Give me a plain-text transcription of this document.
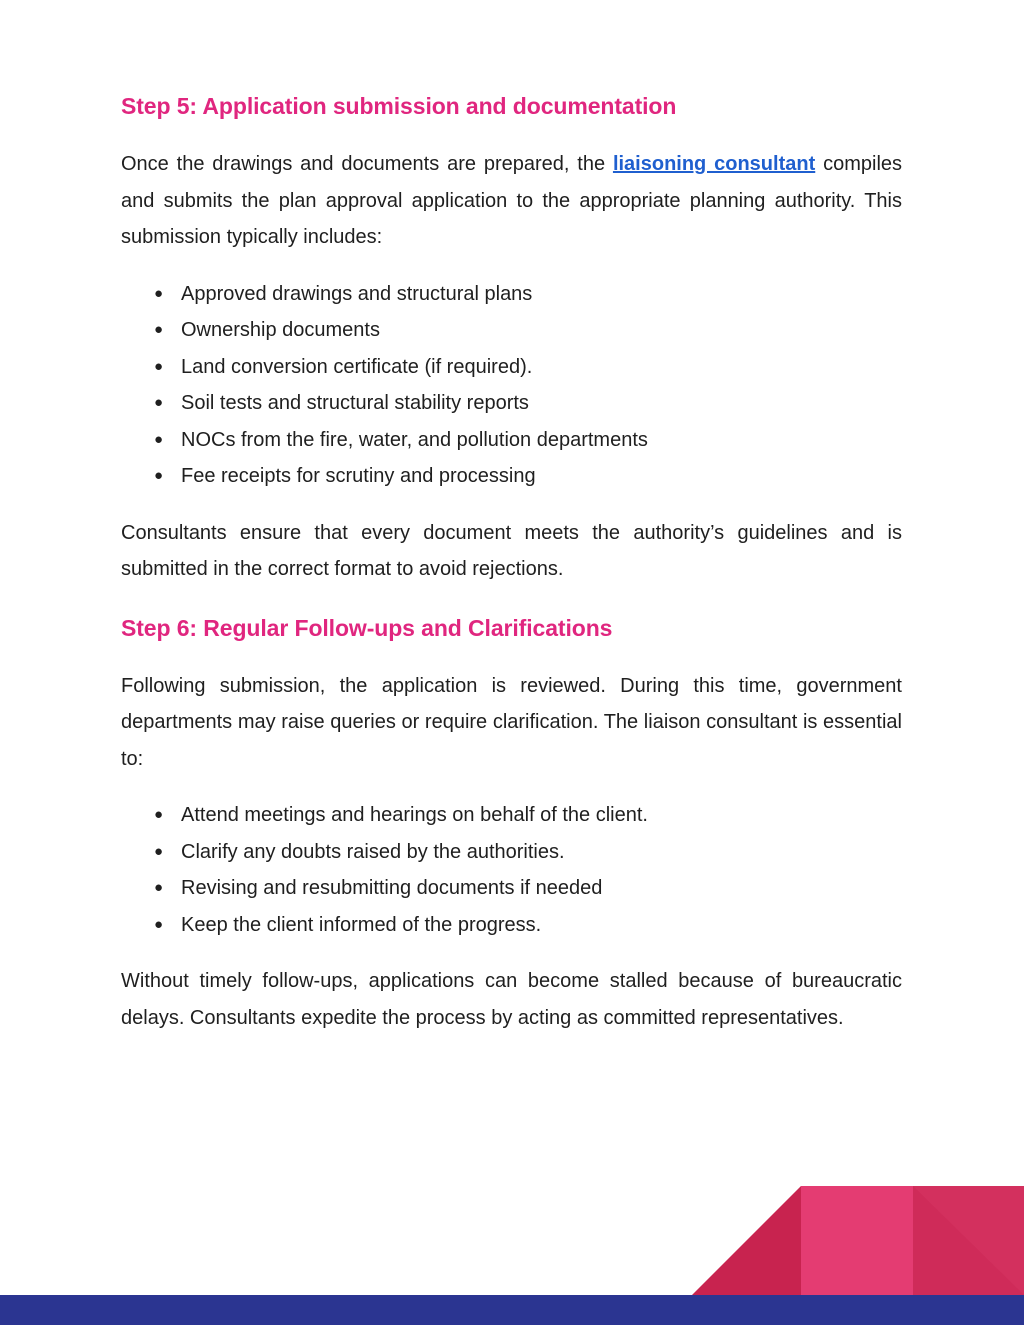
Step 5: Application submission and documentation

Once the drawings and documents are prepared, the liaisoning consultant compiles and submits the plan approval application to the appropriate planning authority. This submission typically includes:

● Approved drawings and structural plans
● Ownership documents
● Land conversion certificate (if required).
● Soil tests and structural stability reports
● NOCs from the fire, water, and pollution departments
● Fee receipts for scrutiny and processing

Consultants ensure that every document meets the authority’s guidelines and is submitted in the correct format to avoid rejections.

Step 6: Regular Follow-ups and Clarifications

Following submission, the application is reviewed. During this time, government departments may raise queries or require clarification. The liaison consultant is essential to:

● Attend meetings and hearings on behalf of the client.
● Clarify any doubts raised by the authorities.
● Revising and resubmitting documents if needed
● Keep the client informed of the progress.

Without timely follow-ups, applications can become stalled because of bureaucratic delays. Consultants expedite the process by acting as committed representatives.
